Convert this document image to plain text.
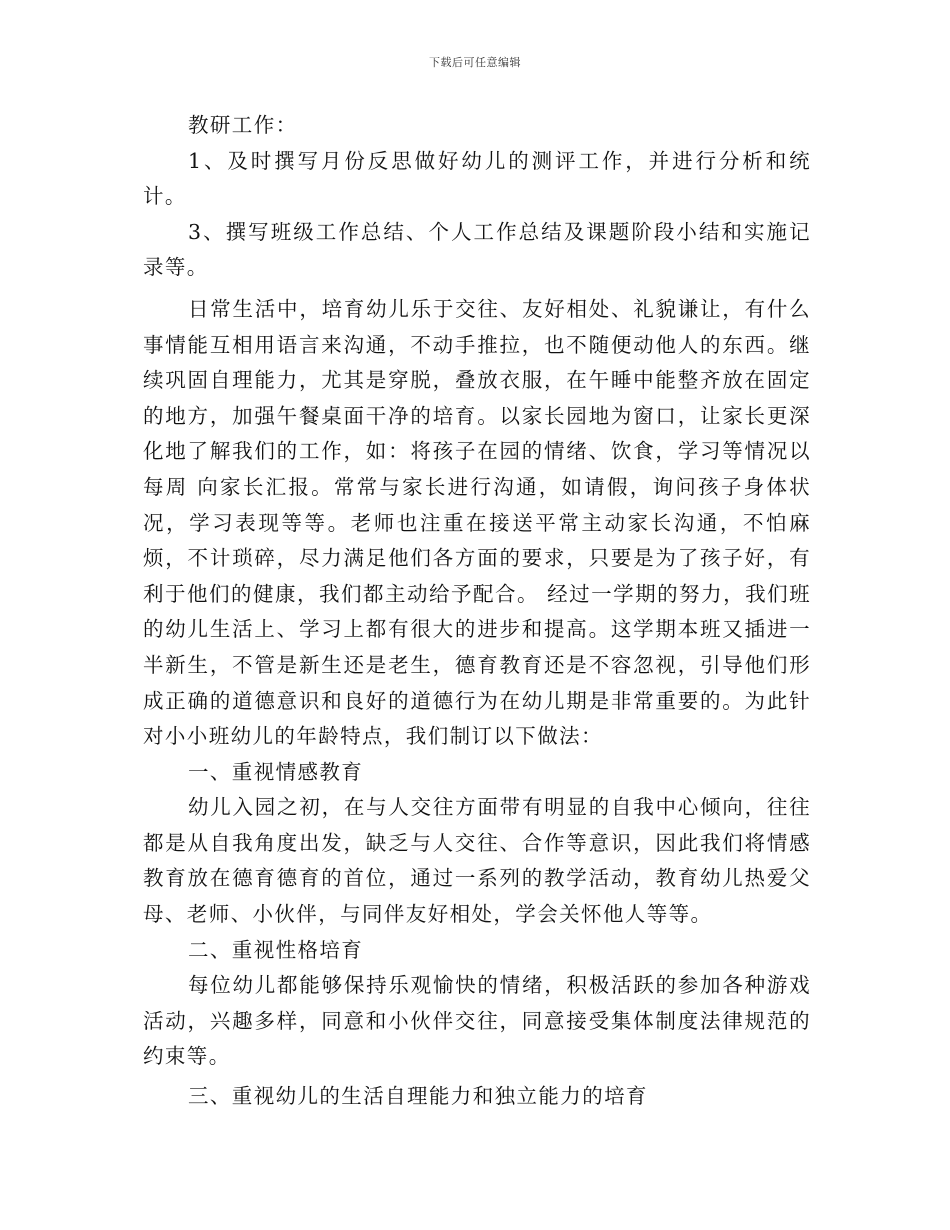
下载后可任意编辑

教研工作：

1、及时撰写月份反思做好幼儿的测评工作，并进行分析和统计。

3、撰写班级工作总结、个人工作总结及课题阶段小结和实施记录等。

日常生活中，培育幼儿乐于交往、友好相处、礼貌谦让，有什么事情能互相用语言来沟通，不动手推拉，也不随便动他人的东西。继续巩固自理能力，尤其是穿脱，叠放衣服，在午睡中能整齐放在固定的地方，加强午餐桌面干净的培育。以家长园地为窗口，让家长更深化地了解我们的工作，如：将孩子在园的情绪、饮食，学习等情况以每周 向家长汇报。常常与家长进行沟通，如请假，询问孩子身体状况，学习表现等等。老师也注重在接送平常主动家长沟通，不怕麻烦，不计琐碎，尽力满足他们各方面的要求，只要是为了孩子好，有利于他们的健康，我们都主动给予配合。 经过一学期的努力，我们班的幼儿生活上、学习上都有很大的进步和提高。这学期本班又插进一半新生，不管是新生还是老生，德育教育还是不容忽视，引导他们形成正确的道德意识和良好的道德行为在幼儿期是非常重要的。为此针对小小班幼儿的年龄特点，我们制订以下做法：

一、重视情感教育

幼儿入园之初，在与人交往方面带有明显的自我中心倾向，往往都是从自我角度出发，缺乏与人交往、合作等意识，因此我们将情感教育放在德育德育的首位，通过一系列的教学活动，教育幼儿热爱父母、老师、小伙伴，与同伴友好相处，学会关怀他人等等。

二、重视性格培育

每位幼儿都能够保持乐观愉快的情绪，积极活跃的参加各种游戏活动，兴趣多样，同意和小伙伴交往，同意接受集体制度法律规范的约束等。

三、重视幼儿的生活自理能力和独立能力的培育
